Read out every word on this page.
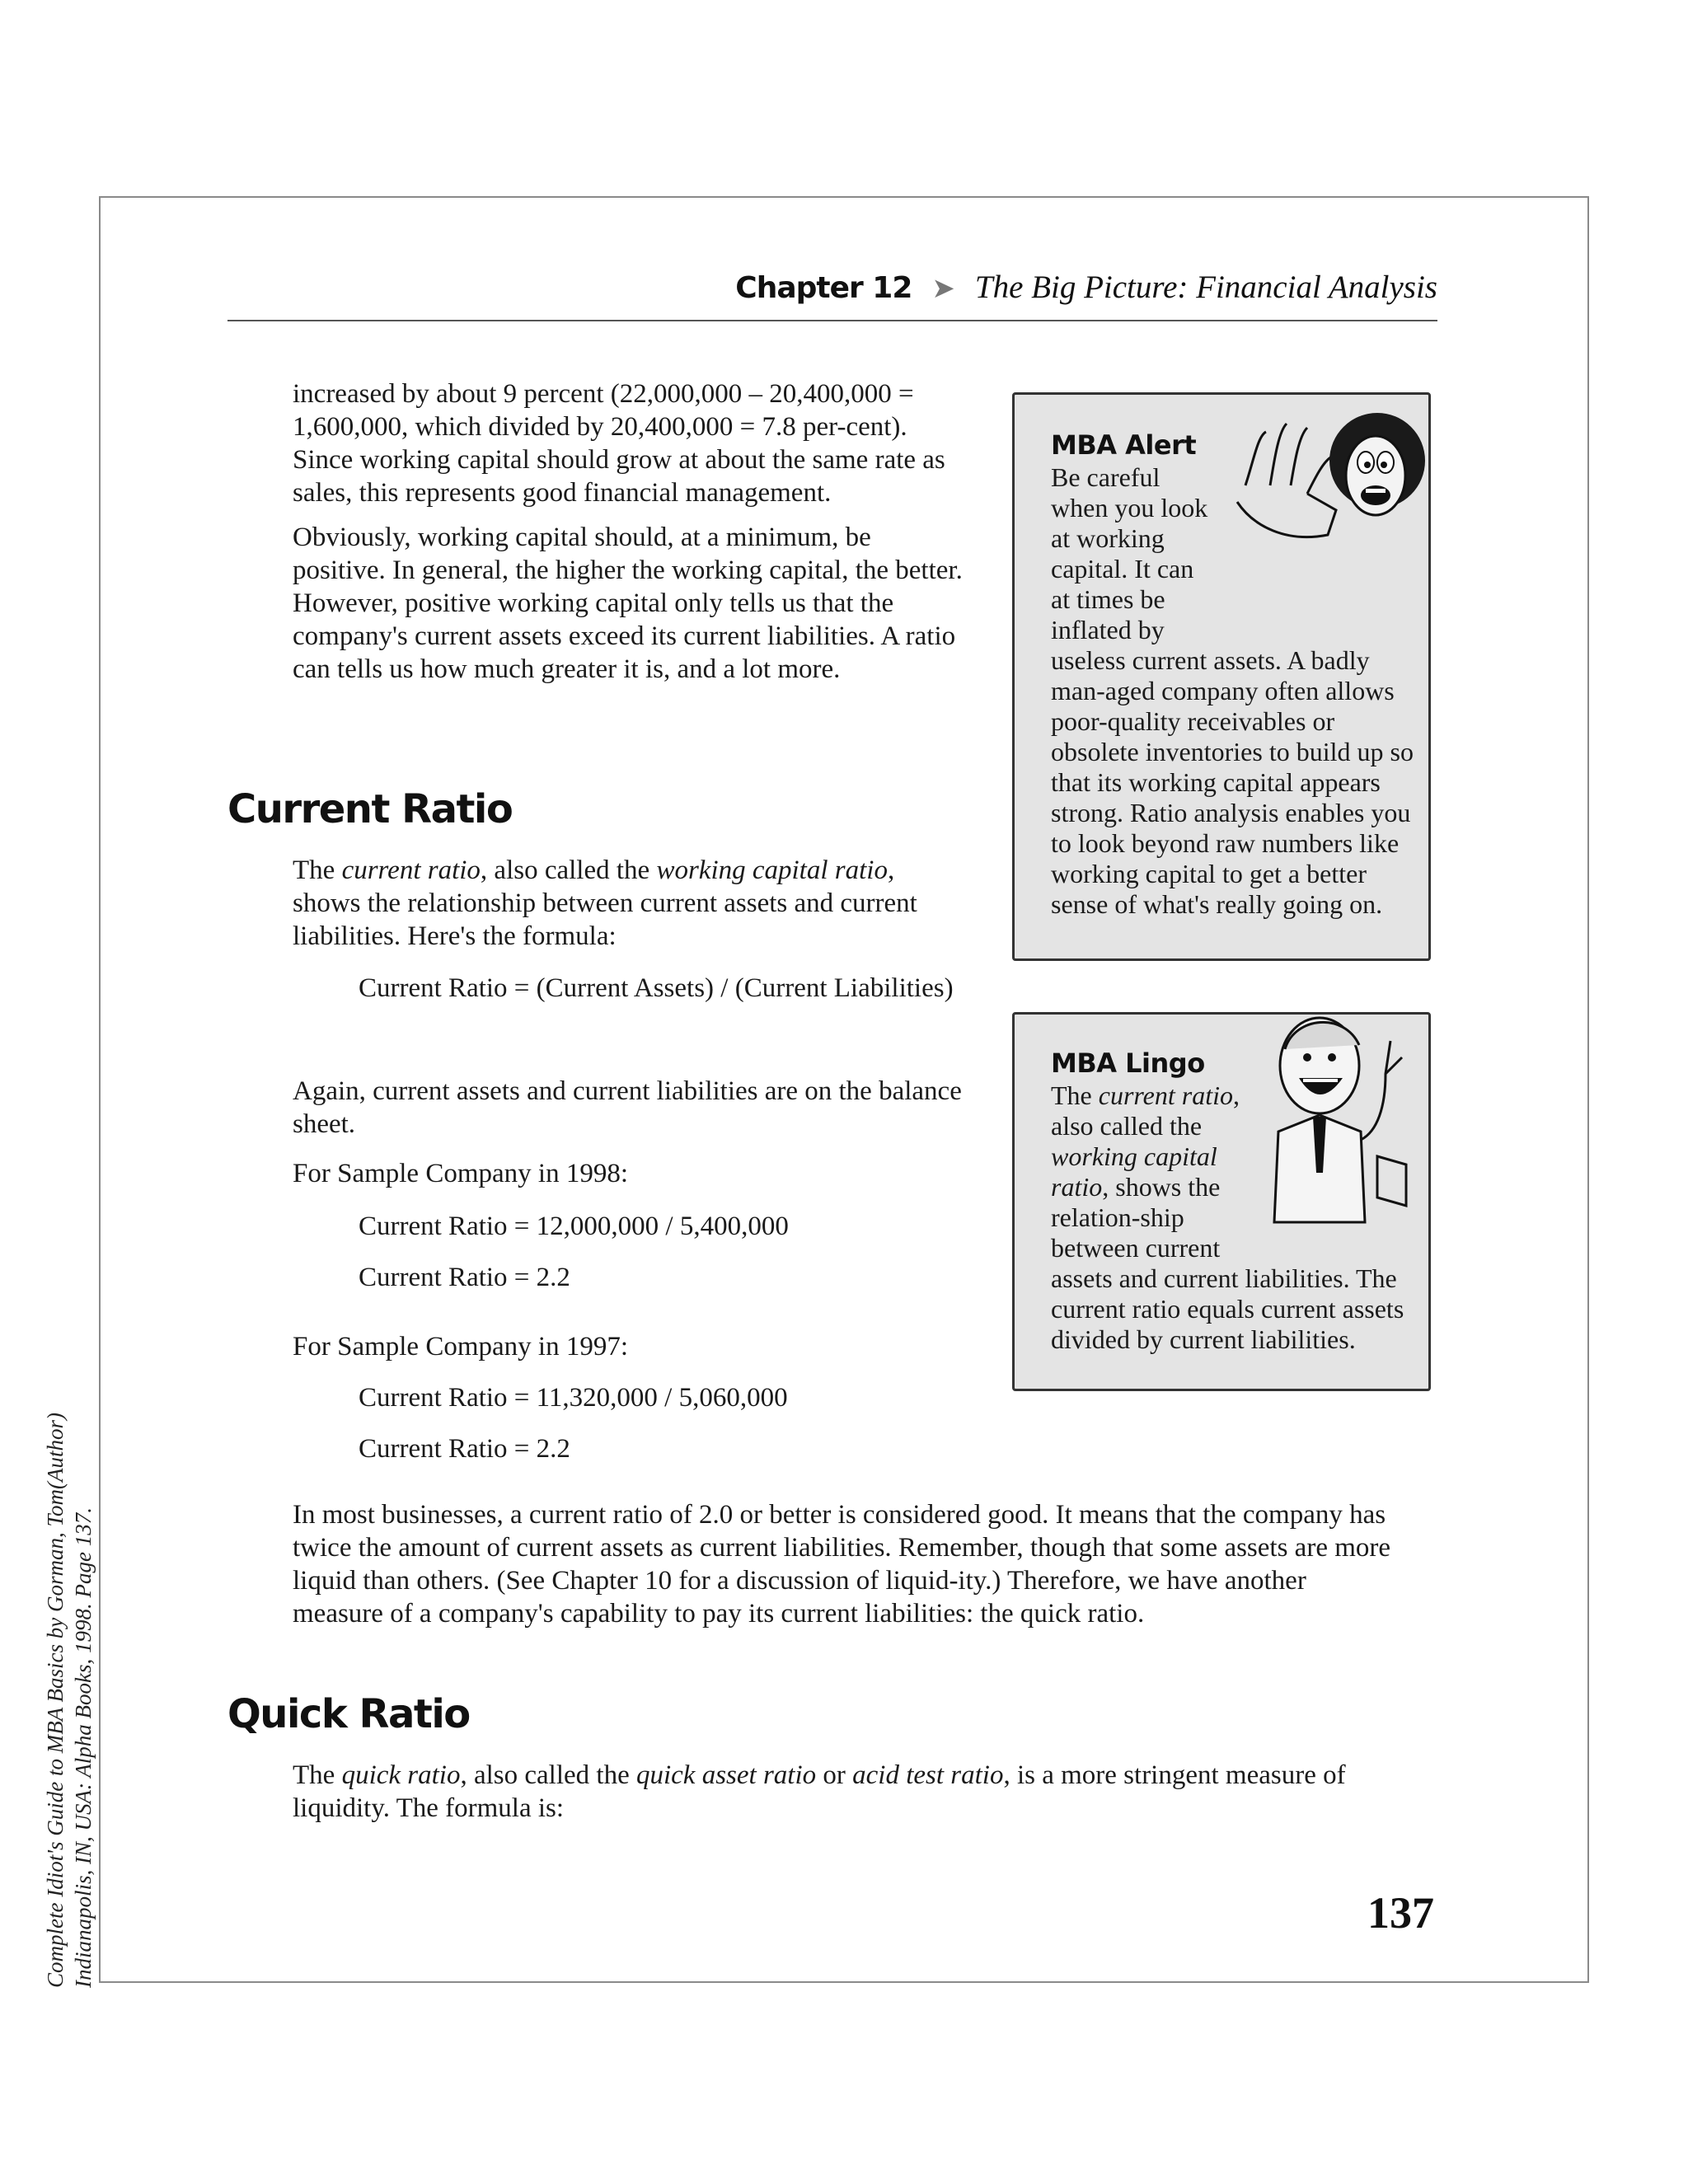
Complete Idiot's Guide to MBA Basics by Gorman, Tom(Author) Indianapolis, IN, USA: Alpha Books, 1998. Page 137.
Chapter 12 ➤ The Big Picture: Financial Analysis

increased by about 9 percent (22,000,000 – 20,400,000 = 1,600,000, which divided by 20,400,000 = 7.8 per-cent). Since working capital should grow at about the same rate as sales, this represents good financial management.

Obviously, working capital should, at a minimum, be positive. In general, the higher the working capital, the better. However, positive working capital only tells us that the company's current assets exceed its current liabilities. A ratio can tells us how much greater it is, and a lot more.

Current Ratio
The current ratio, also called the working capital ratio, shows the relationship between current assets and current liabilities. Here's the formula:
Current Ratio = (Current Assets) / (Current Liabilities)
Again, current assets and current liabilities are on the balance sheet.
For Sample Company in 1998:
Current Ratio = 12,000,000 / 5,400,000
Current Ratio = 2.2
For Sample Company in 1997:
Current Ratio = 11,320,000 / 5,060,000
Current Ratio = 2.2
In most businesses, a current ratio of 2.0 or better is considered good. It means that the company has twice the amount of current assets as current liabilities. Remember, though that some assets are more liquid than others. (See Chapter 10 for a discussion of liquid-ity.) Therefore, we have another measure of a company's capability to pay its current liabilities: the quick ratio.
Quick Ratio
The quick ratio, also called the quick asset ratio or acid test ratio, is a more stringent measure of liquidity. The formula is:
MBA Alert
Be careful when you look at working capital. It can at times be inflated by useless current assets. A badly man-aged company often allows poor-quality receivables or obsolete inventories to build up so that its working capital appears strong. Ratio analysis enables you to look beyond raw numbers like working capital to get a better sense of what's really going on.
MBA Lingo
The current ratio, also called the working capital ratio, shows the relation-ship between current assets and current liabilities. The current ratio equals current assets divided by current liabilities.
137
